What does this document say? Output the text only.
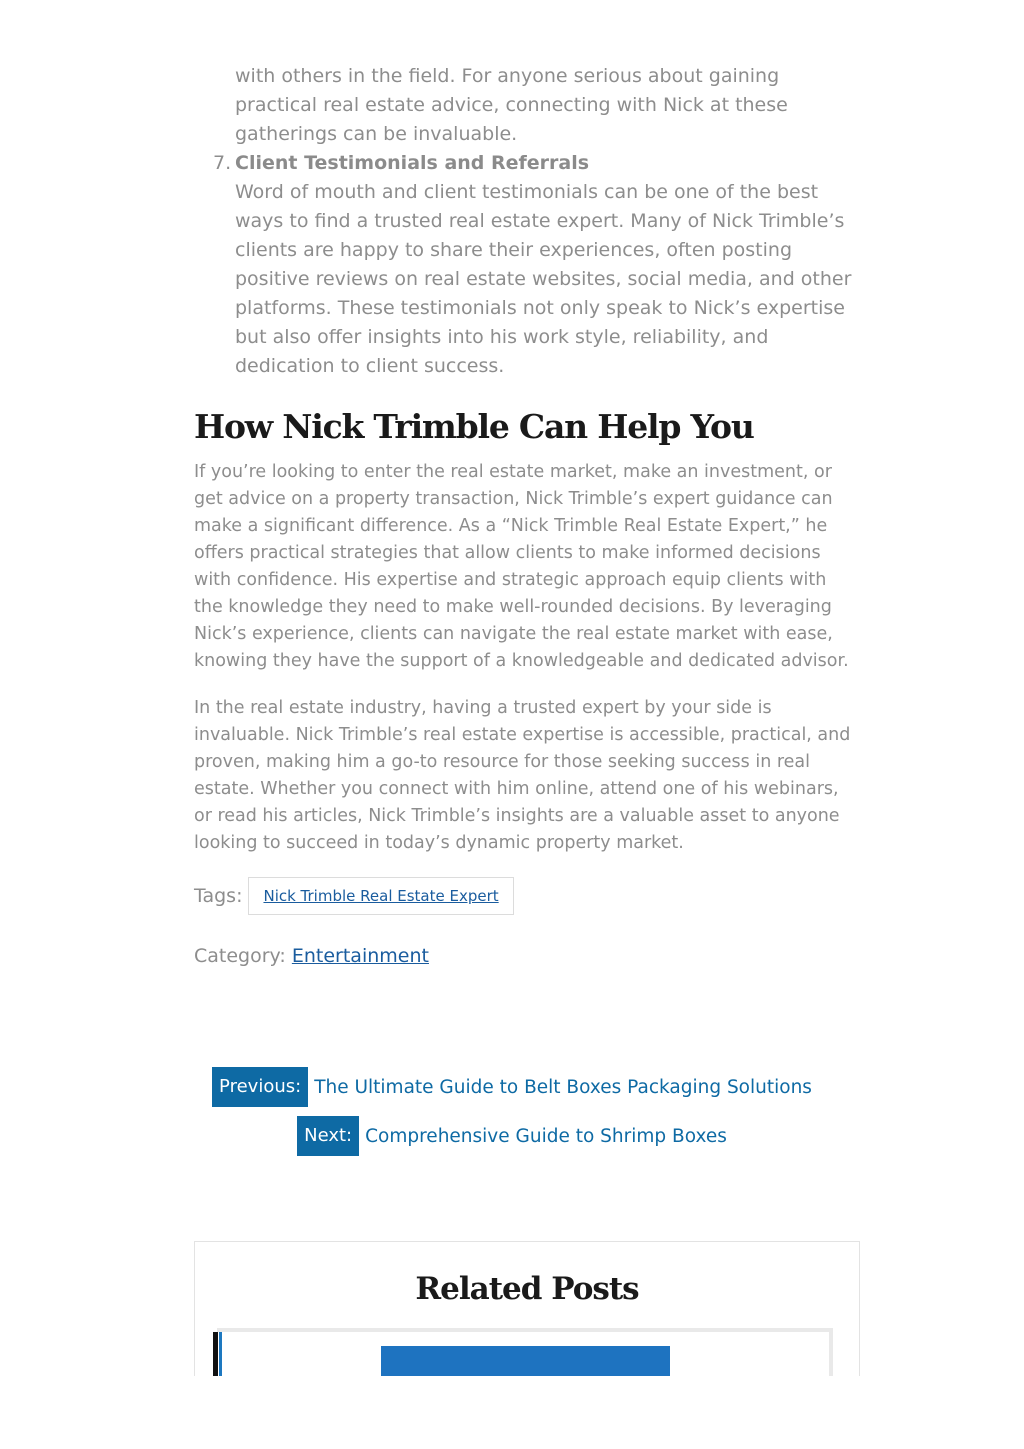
with others in the field. For anyone serious about gaining practical real estate advice, connecting with Nick at these gatherings can be invaluable.
7. Client Testimonials and Referrals
Word of mouth and client testimonials can be one of the best ways to find a trusted real estate expert. Many of Nick Trimble’s clients are happy to share their experiences, often posting positive reviews on real estate websites, social media, and other platforms. These testimonials not only speak to Nick’s expertise but also offer insights into his work style, reliability, and dedication to client success.
How Nick Trimble Can Help You

If you’re looking to enter the real estate market, make an investment, or get advice on a property transaction, Nick Trimble’s expert guidance can make a significant difference. As a “Nick Trimble Real Estate Expert,” he offers practical strategies that allow clients to make informed decisions with confidence. His expertise and strategic approach equip clients with the knowledge they need to make well-rounded decisions. By leveraging Nick’s experience, clients can navigate the real estate market with ease, knowing they have the support of a knowledgeable and dedicated advisor.

In the real estate industry, having a trusted expert by your side is invaluable. Nick Trimble’s real estate expertise is accessible, practical, and proven, making him a go-to resource for those seeking success in real estate. Whether you connect with him online, attend one of his webinars, or read his articles, Nick Trimble’s insights are a valuable asset to anyone looking to succeed in today’s dynamic property market.

Tags:	Nick Trimble Real Estate Expert
Category: Entertainment
Previous: The Ultimate Guide to Belt Boxes Packaging Solutions
Next: Comprehensive Guide to Shrimp Boxes
Related Posts
